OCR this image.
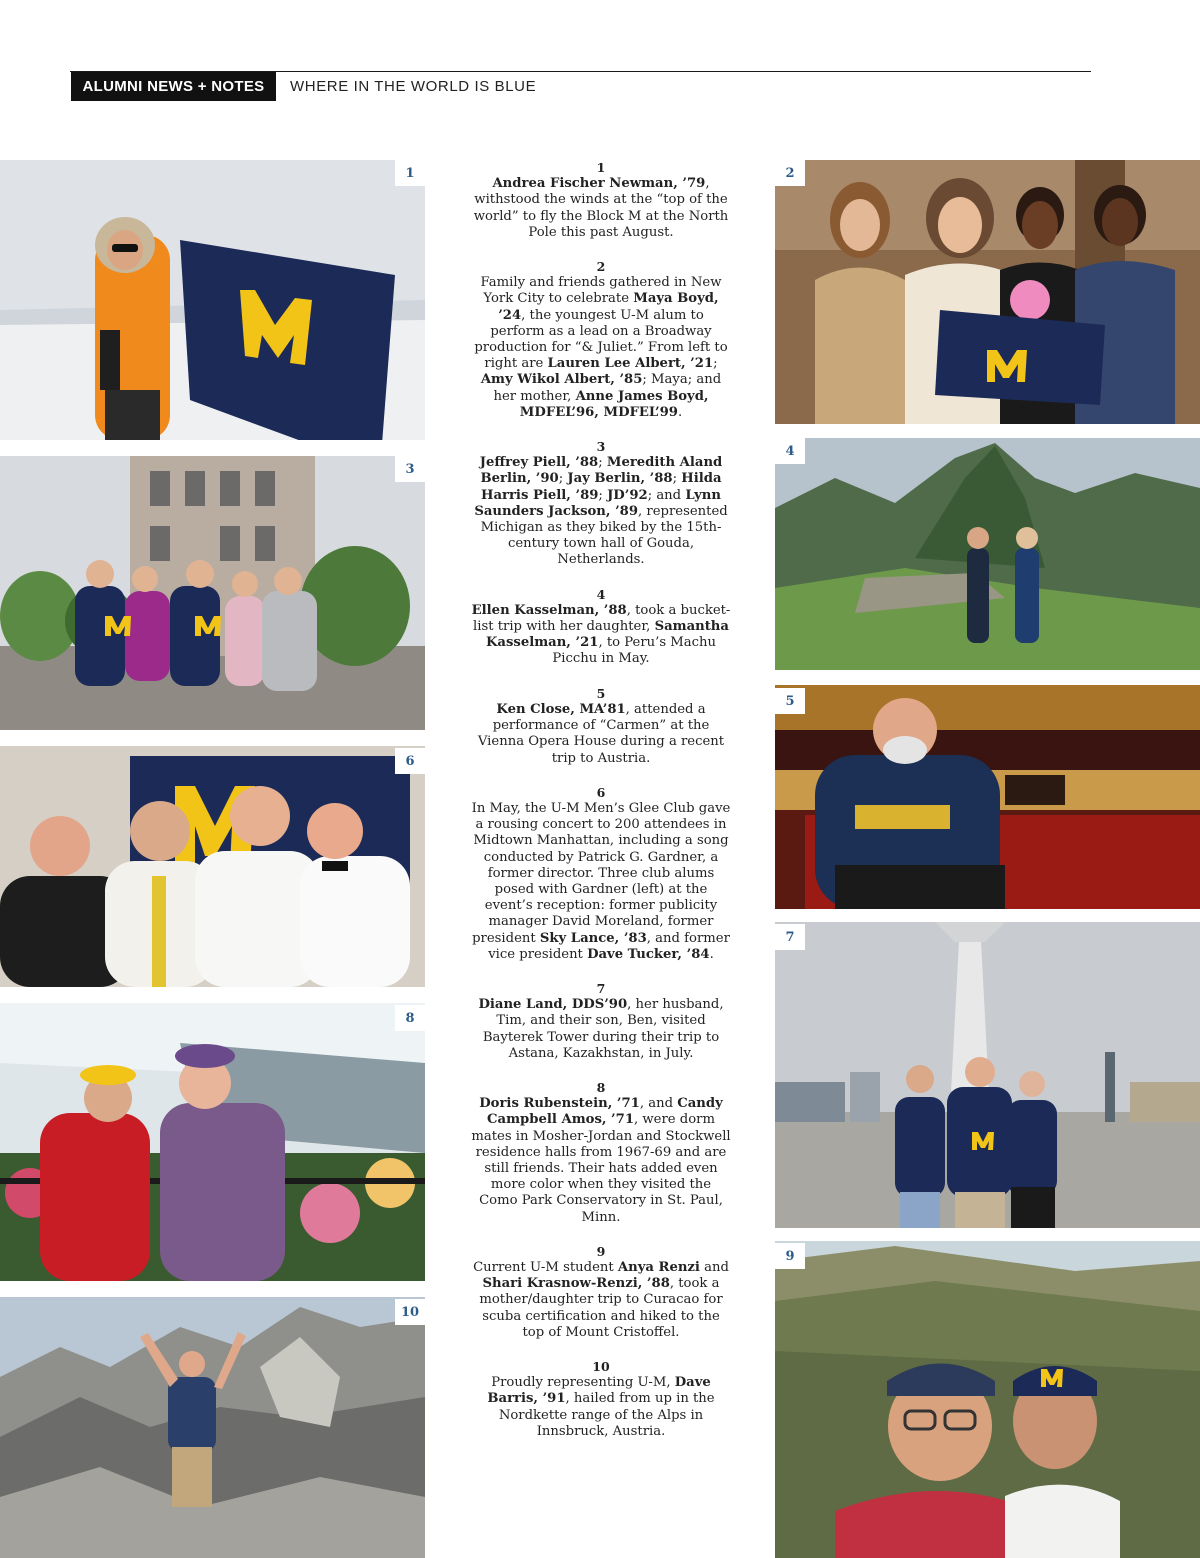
ALUMNI NEWS + NOTES	WHERE IN THE WORLD IS BLUE
1	2
3
4
5
6
7
8
9
10

1
Andrea Fischer Newman, ’79, withstood the winds at the “top of the world” to fly the Block M at the North Pole this past August.

2
Family and friends gathered in New York City to celebrate Maya Boyd, ’24, the youngest U-M alum to perform as a lead on a Broadway production for “& Juliet.” From left to right are Lauren Lee Albert, ’21; Amy Wikol Albert, ’85; Maya; and her mother, Anne James Boyd, MDFEL’96, MDFEL’99.

3
Jeffrey Piell, ’88; Meredith Aland Berlin, ’90; Jay Berlin, ’88; Hilda Harris Piell, ’89; JD’92; and Lynn Saunders Jackson, ’89, represented Michigan as they biked by the 15th-century town hall of Gouda, Netherlands.

4
Ellen Kasselman, ’88, took a bucket-list trip with her daughter, Samantha Kasselman, ’21, to Peru’s Machu Picchu in May.

5
Ken Close, MA’81, attended a performance of “Carmen” at the Vienna Opera House during a recent trip to Austria.

6
In May, the U-M Men’s Glee Club gave a rousing concert to 200 attendees in Midtown Manhattan, including a song conducted by Patrick G. Gardner, a former director. Three club alums posed with Gardner (left) at the event’s reception: former publicity manager David Moreland, former president Sky Lance, ’83, and former vice president Dave Tucker, ’84.

7
Diane Land, DDS’90, her husband, Tim, and their son, Ben, visited Bayterek Tower during their trip to Astana, Kazakhstan, in July.

8
Doris Rubenstein, ’71, and Candy Campbell Amos, ’71, were dorm mates in Mosher-Jordan and Stockwell residence halls from 1967-69 and are still friends. Their hats added even more color when they visited the Como Park Conservatory in St. Paul, Minn.

9
Current U-M student Anya Renzi and Shari Krasnow-Renzi, ’88, took a mother/daughter trip to Curacao for scuba certification and hiked to the top of Mount Cristoffel.

10
Proudly representing U-M, Dave Barris, ’91, hailed from up in the Nordkette range of the Alps in Innsbruck, Austria.
